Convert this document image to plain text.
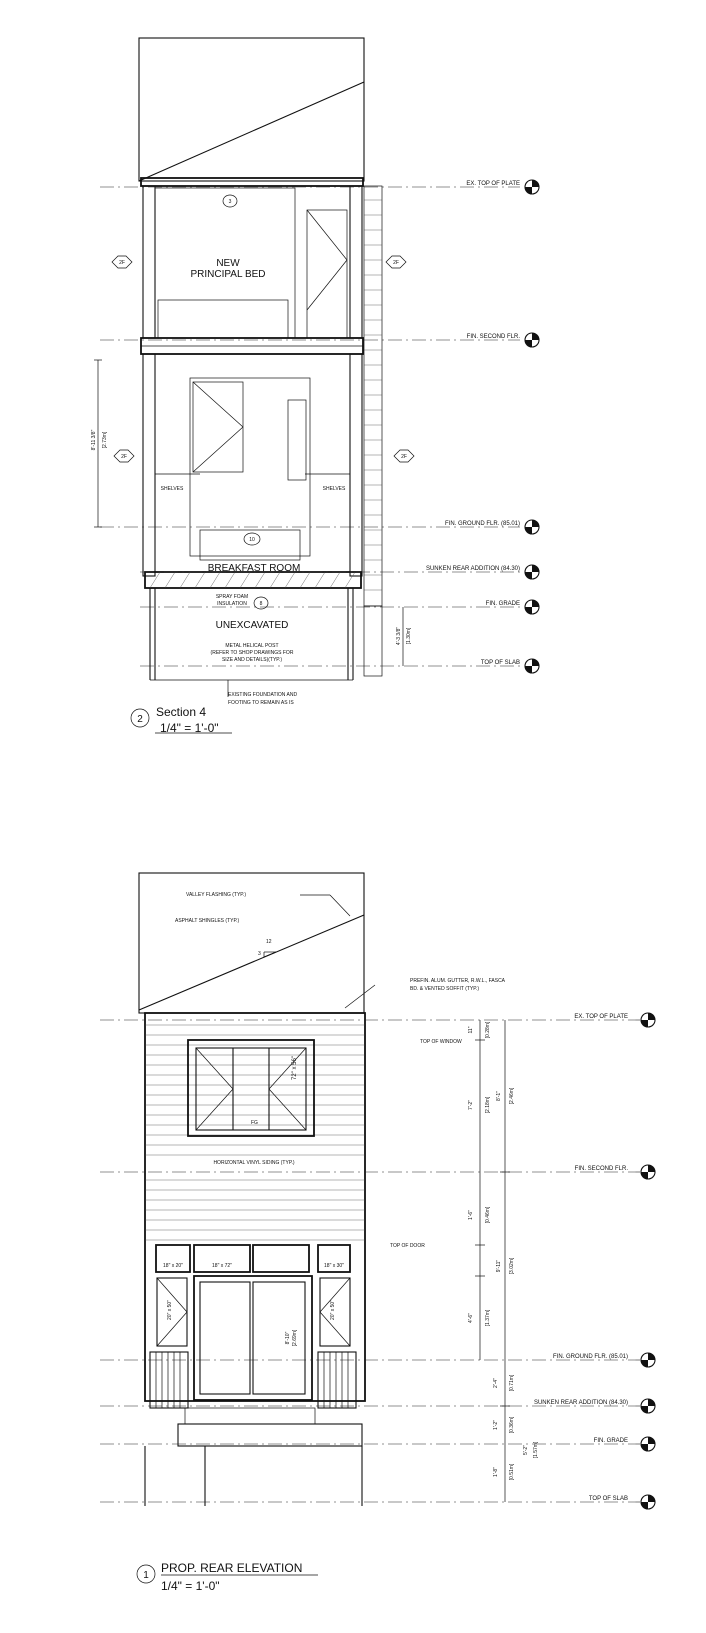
NEW
PRINCIPAL BED
SHELVES	SHELVES
BREAKFAST ROOM
SPRAY FOAM
INSULATION
UNEXCAVATED
METAL HELICAL POST
(REFER TO SHOP DRAWINGS FOR
SIZE AND DETAILS)(TYP.)
EXISTING FOUNDATION AND
FOOTING TO REMAIN AS IS
2F	2F
2F	2F
3
10
8
8'-11 3/8" [2.73m]
4'-3 3/8" [1.30m]
EX. TOP OF PLATE
FIN. SECOND FLR.
FIN. GROUND FLR. (85.01)
SUNKEN REAR ADDITION (84.30)
FIN. GRADE
TOP OF SLAB
2
Section 4
1/4" = 1'-0"
VALLEY FLASHING (TYP.)
ASPHALT SHINGLES (TYP.)
3
12
PREFIN. ALUM. GUTTER, R.W.L., FASCA
BD. & VENTED SOFFIT (TYP.)
TOP OF WINDOW
TOP OF DOOR
HORIZONTAL VINYL SIDING (TYP.)
72" x 56"
FG
18" x 20"	18" x 72"	18" x 30"
20" x 50"	20" x 50"
8'-10" [2.69m]
11" [0.28m]
7'-2" [2.18m]
1'-6" [0.46m]
4'-6" [1.37m]
2'-4" [0.71m]
1'-2" [0.36m]
1'-8" [0.51m]
8'-1" [2.46m]
9'-11" [3.02m]
5'-2" [1.57m]
EX. TOP OF PLATE
FIN. SECOND FLR.
FIN. GROUND FLR. (85.01)
SUNKEN REAR ADDITION (84.30)
FIN. GRADE
TOP OF SLAB
1
PROP. REAR ELEVATION
1/4" = 1'-0"
